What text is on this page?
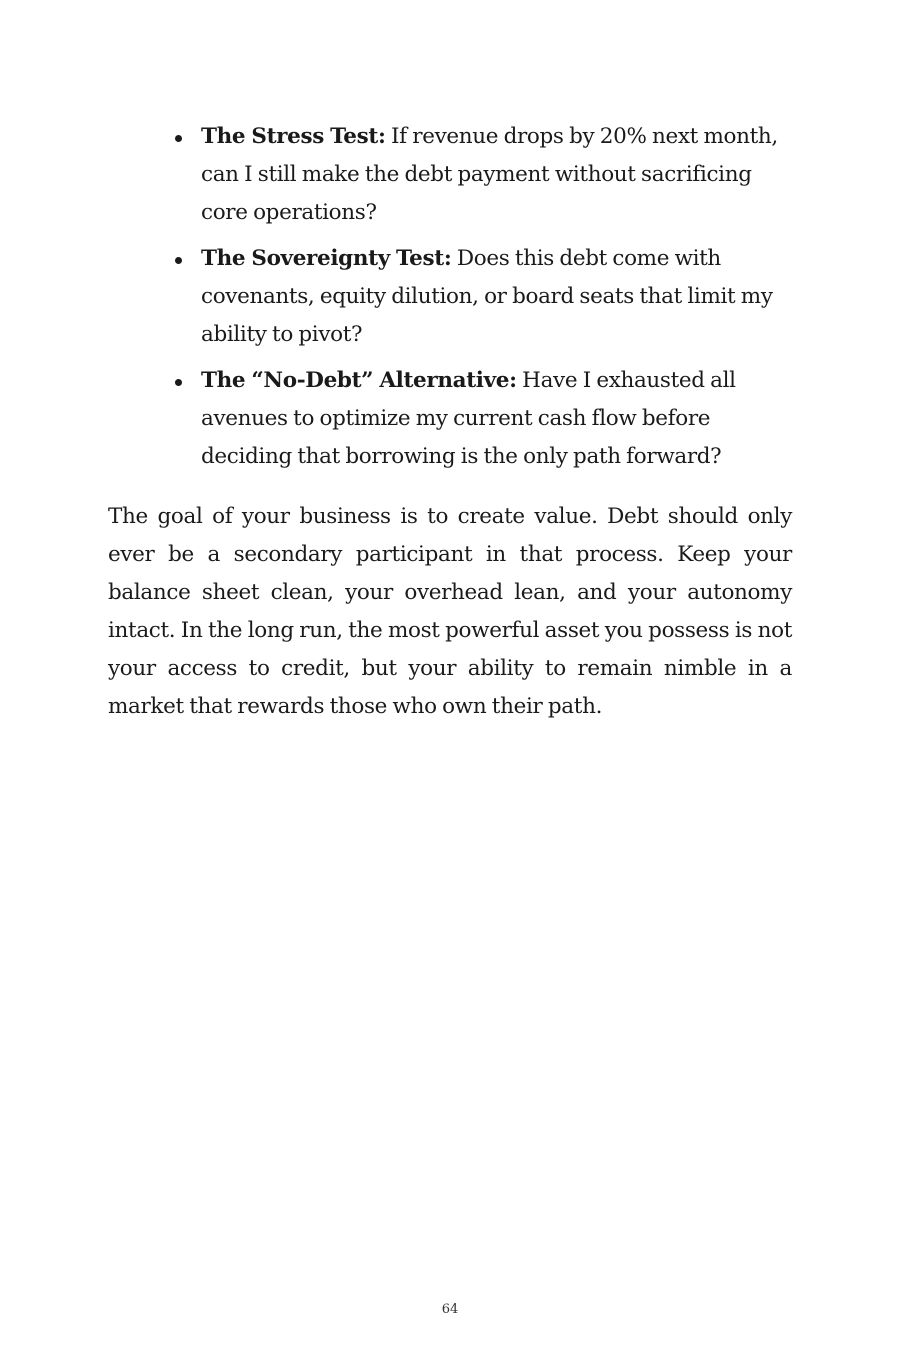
The Stress Test: If revenue drops by 20% next month, can I still make the debt payment without sacrificing core operations?
The Sovereignty Test: Does this debt come with covenants, equity dilution, or board seats that limit my ability to pivot?
The “No-Debt” Alternative: Have I exhausted all avenues to optimize my current cash flow before deciding that borrowing is the only path forward?

The goal of your business is to create value. Debt should only ever be a secondary participant in that process. Keep your balance sheet clean, your overhead lean, and your autonomy intact. In the long run, the most powerful asset you possess is not your access to credit, but your ability to remain nimble in a market that rewards those who own their path.

64
